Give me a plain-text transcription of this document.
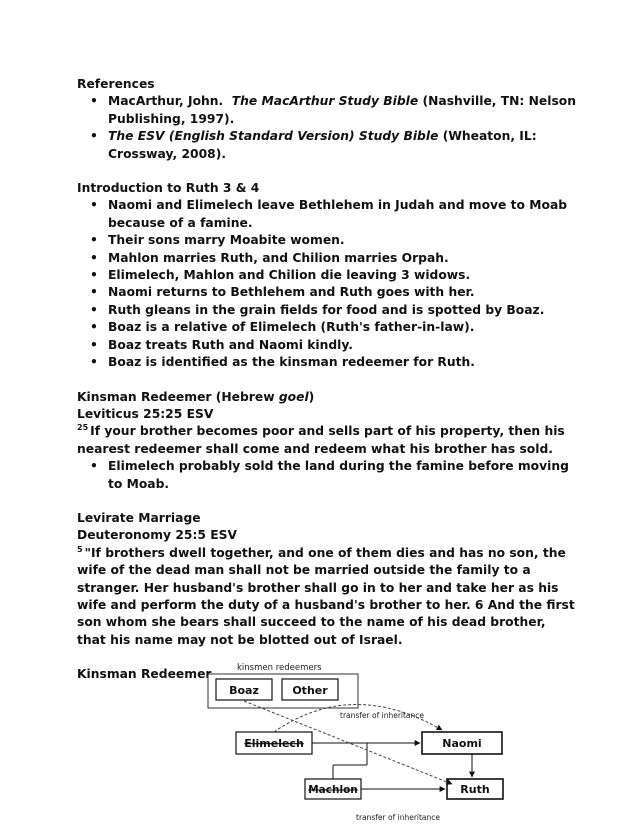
References
• MacArthur, John. The MacArthur Study Bible (Nashville, TN: Nelson Publishing, 1997).
• The ESV (English Standard Version) Study Bible (Wheaton, IL: Crossway, 2008).
Introduction to Ruth 3 & 4
• Naomi and Elimelech leave Bethlehem in Judah and move to Moab because of a famine.
• Their sons marry Moabite women.
• Mahlon marries Ruth, and Chilion marries Orpah.
• Elimelech, Mahlon and Chilion die leaving 3 widows.
• Naomi returns to Bethlehem and Ruth goes with her.
• Ruth gleans in the grain fields for food and is spotted by Boaz.
• Boaz is a relative of Elimelech (Ruth's father-in-law).
• Boaz treats Ruth and Naomi kindly.
• Boaz is identified as the kinsman redeemer for Ruth.
Kinsman Redeemer (Hebrew goel)
Leviticus 25:25 ESV
$^{25}$ If your brother becomes poor and sells part of his property, then his nearest redeemer shall come and redeem what his brother has sold.
• Elimelech probably sold the land during the famine before moving to Moab.
Levirate Marriage
Deuteronomy 25:5 ESV
$^5$ "If brothers dwell together, and one of them dies and has no son, the wife of the dead man shall not be married outside the family to a stranger. Her husband's brother shall go in to her and take her as his wife and perform the duty of a husband's brother to her. 6 And the first son whom she bears shall succeed to the name of his dead brother, that his name may not be blotted out of Israel.
Kinsman Redeemer	kinsmen redeemers
Boaz	Other
Elimelech	Naomi
Machlon	Ruth
transfer of inheritance
transfer of inheritance
